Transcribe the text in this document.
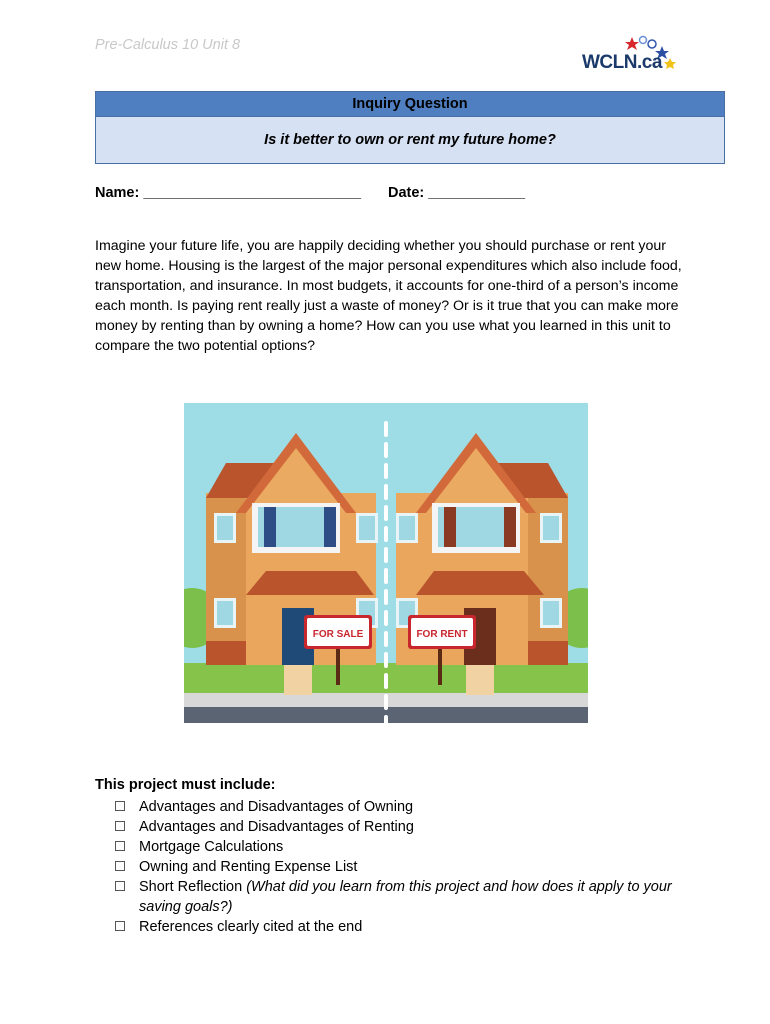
Pre-Calculus 10 Unit 8
WCLN.ca
Inquiry Question
Is it better to own or rent my future home?
Name: ___________________________ Date: ____________
Imagine your future life, you are happily deciding whether you should purchase or rent your new home. Housing is the largest of the major personal expenditures which also include food, transportation, and insurance. In most budgets, it accounts for one-third of a person’s income each month. Is paying rent really just a waste of money? Or is it true that you can make more money by renting than by owning a home? How can you use what you learned in this unit to compare the two potential options?
FOR SALE	FOR RENT
This project must include:
Advantages and Disadvantages of Owning
Advantages and Disadvantages of Renting
Mortgage Calculations
Owning and Renting Expense List
Short Reflection (What did you learn from this project and how does it apply to your saving goals?)
References clearly cited at the end
